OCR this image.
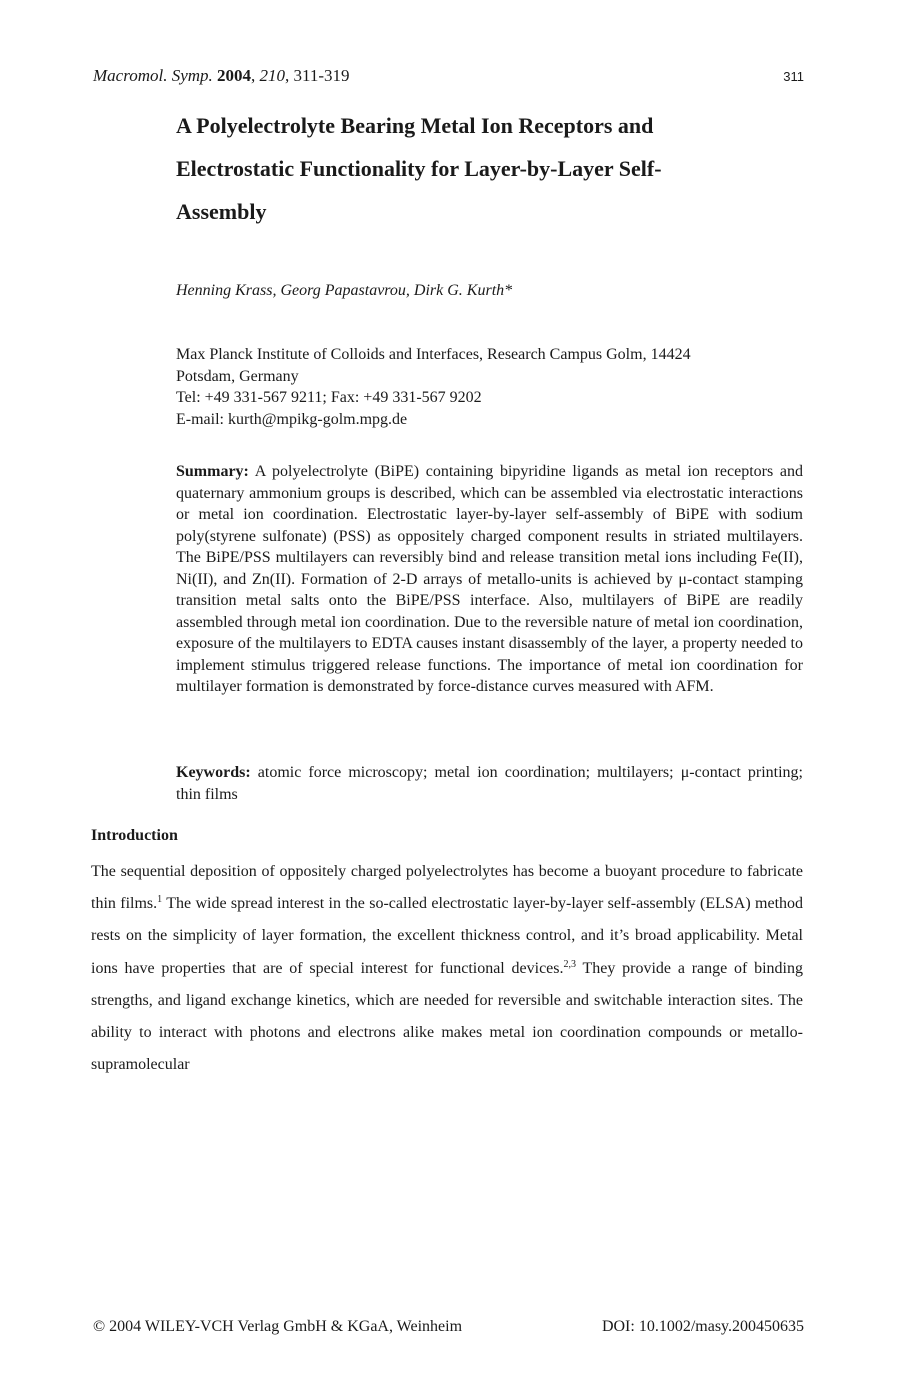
Macromol. Symp. 2004, 210, 311-319	311
A Polyelectrolyte Bearing Metal Ion Receptors and
Electrostatic Functionality for Layer-by-Layer Self-
Assembly
Henning Krass, Georg Papastavrou, Dirk G. Kurth*
Max Planck Institute of Colloids and Interfaces, Research Campus Golm, 14424
Potsdam, Germany
Tel: +49 331-567 9211; Fax: +49 331-567 9202
E-mail: kurth@mpikg-golm.mpg.de
Summary: A polyelectrolyte (BiPE) containing bipyridine ligands as metal ion receptors and quaternary ammonium groups is described, which can be assembled via electrostatic interactions or metal ion coordination. Electrostatic layer-by-layer self-assembly of BiPE with sodium poly(styrene sulfonate) (PSS) as oppositely charged component results in striated multilayers. The BiPE/PSS multilayers can reversibly bind and release transition metal ions including Fe(II), Ni(II), and Zn(II). Formation of 2-D arrays of metallo-units is achieved by μ-contact stamping transition metal salts onto the BiPE/PSS interface. Also, multilayers of BiPE are readily assembled through metal ion coordination. Due to the reversible nature of metal ion coordination, exposure of the multilayers to EDTA causes instant disassembly of the layer, a property needed to implement stimulus triggered release functions. The importance of metal ion coordination for multilayer formation is demonstrated by force-distance curves measured with AFM.
Keywords: atomic force microscopy; metal ion coordination; multilayers; μ-contact printing; thin films
Introduction
The sequential deposition of oppositely charged polyelectrolytes has become a buoyant procedure to fabricate thin films.$^1$ The wide spread interest in the so-called electrostatic layer-by-layer self-assembly (ELSA) method rests on the simplicity of layer formation, the excellent thickness control, and it’s broad applicability. Metal ions have properties that are of special interest for functional devices.$^{2,3}$ They provide a range of binding strengths, and ligand exchange kinetics, which are needed for reversible and switchable interaction sites. The ability to interact with photons and electrons alike makes metal ion coordination compounds or metallo-supramolecular
© 2004 WILEY-VCH Verlag GmbH & KGaA, Weinheim	DOI: 10.1002/masy.200450635
